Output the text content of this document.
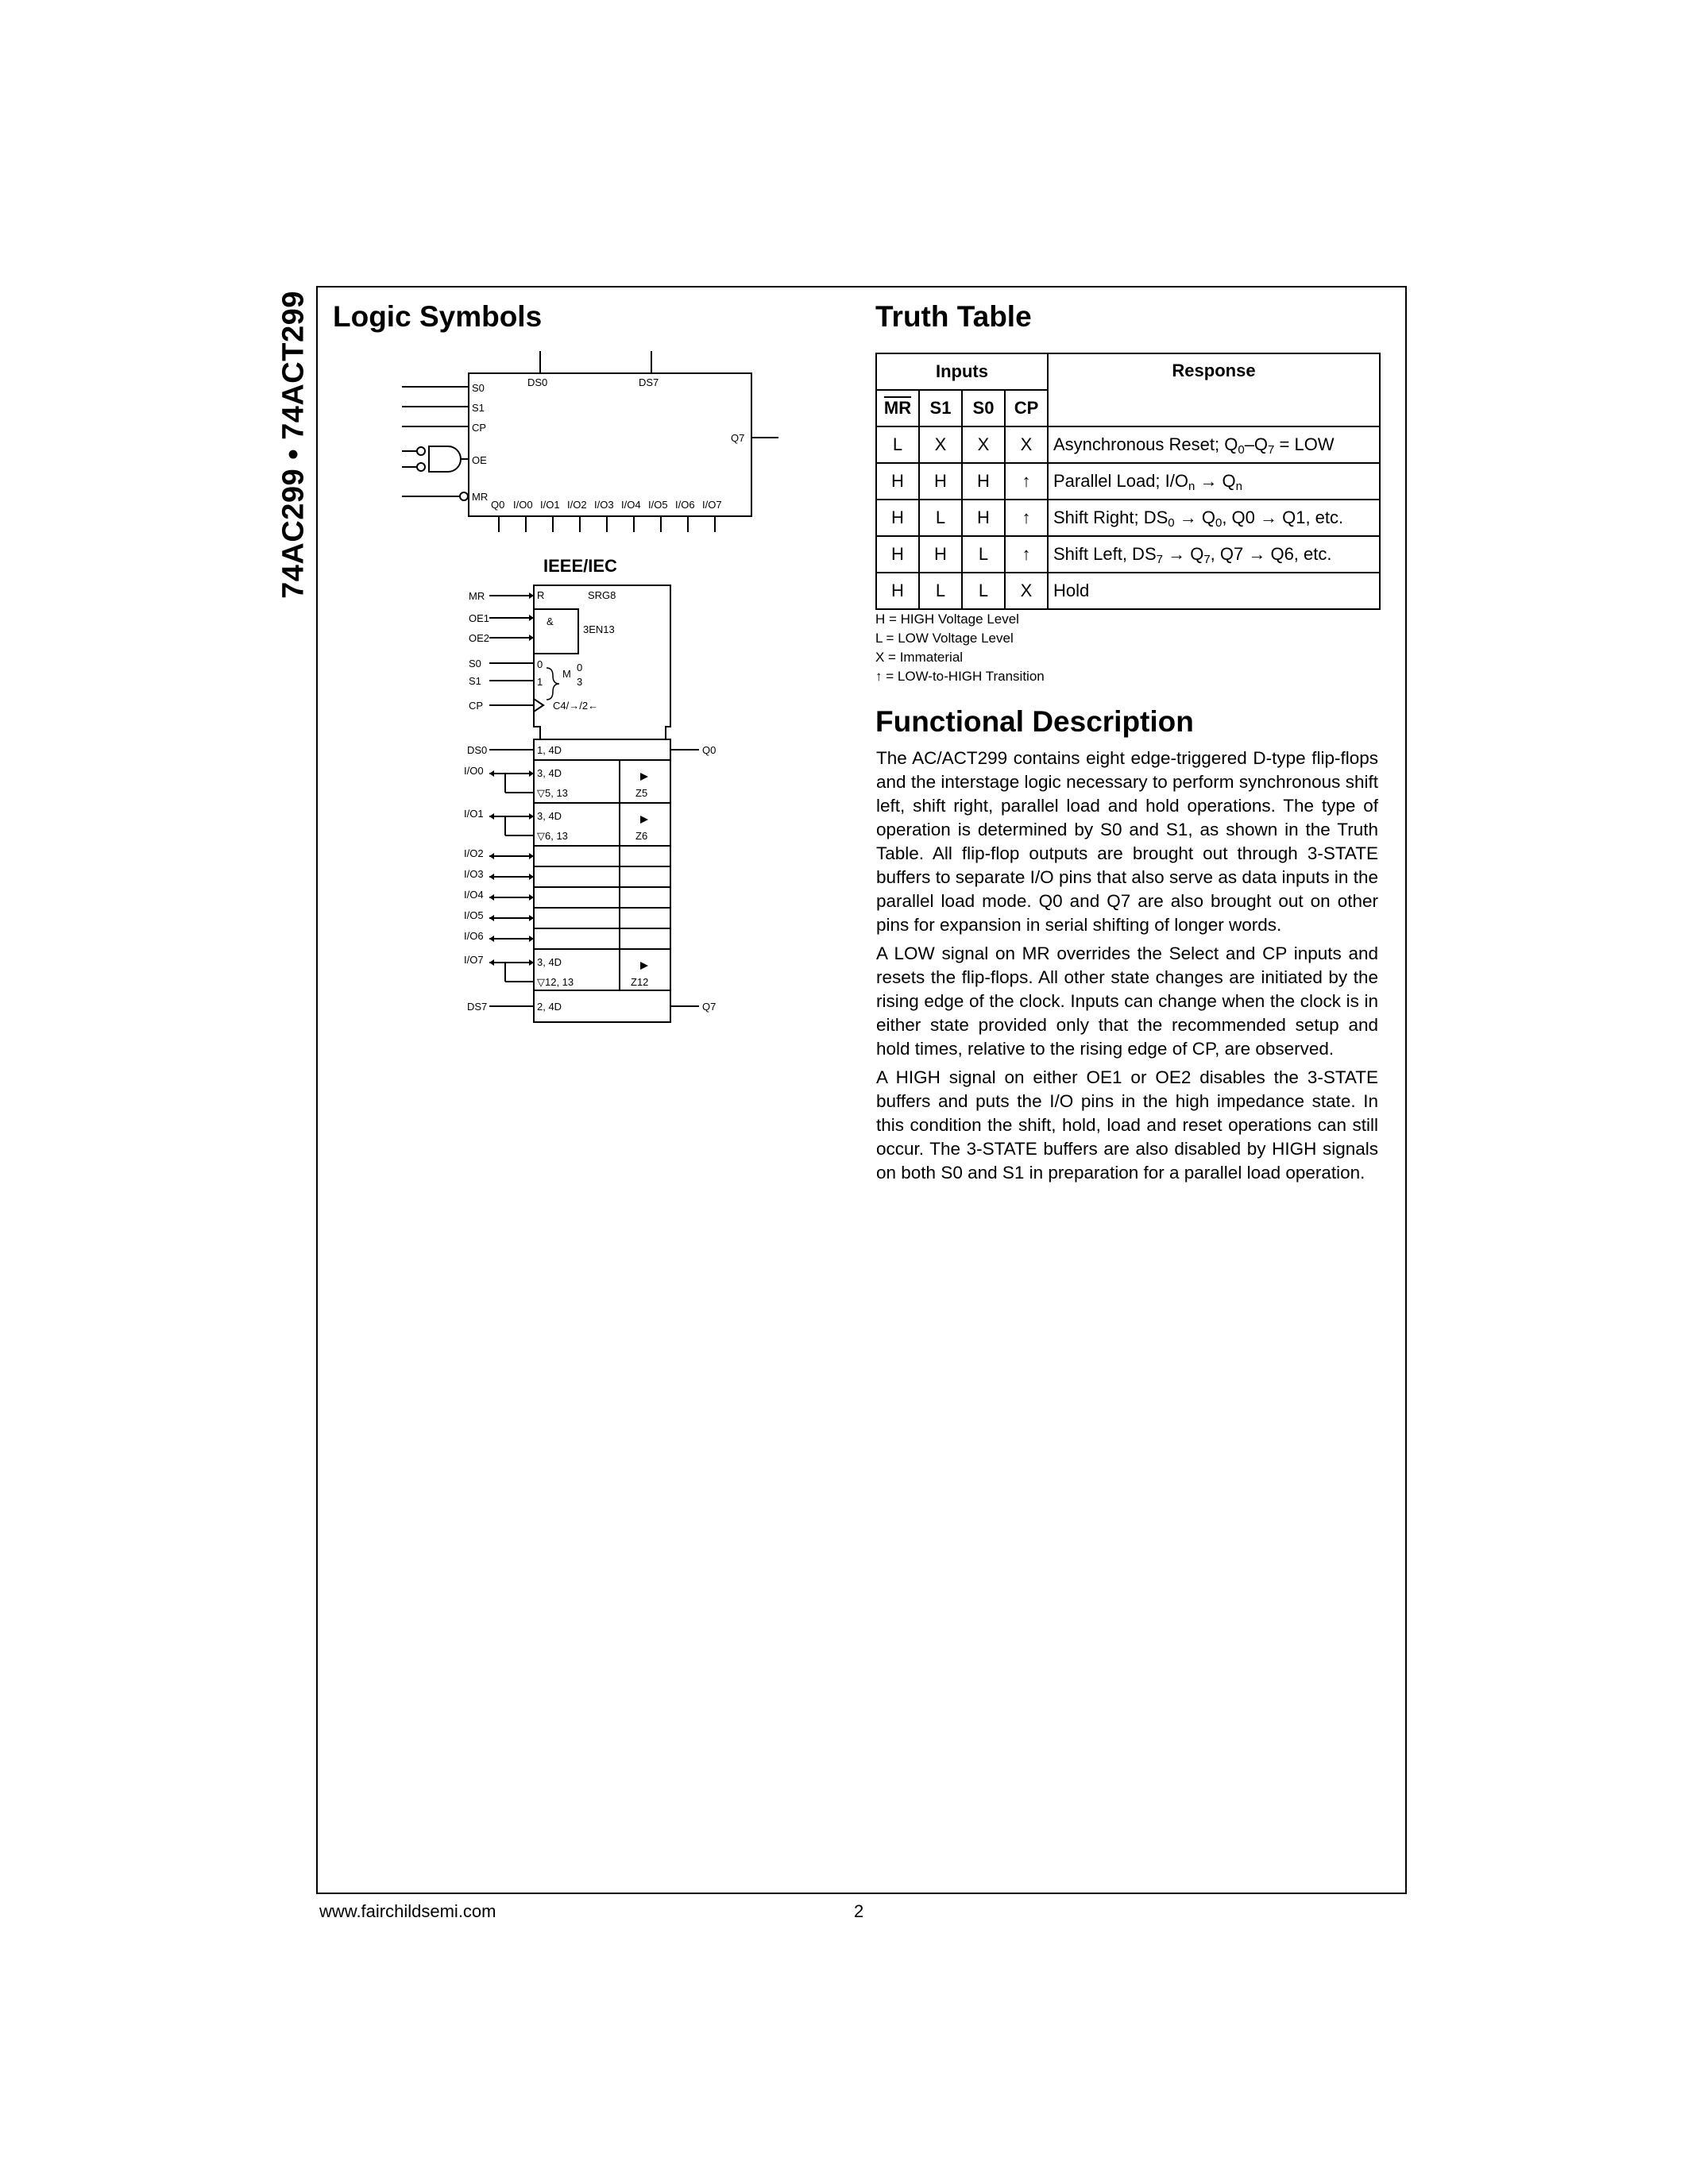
74AC299 • 74ACT299 Logic Symbols
DS0	DS7
S0
S1
CP
OE
MR
Q7
Q0 I/O0 I/O1 I/O2 I/O3 I/O4 I/O5 I/O6 I/O7
IEEE/IEC
MR
OE1
OE2
S0
S1
CP
R	SRG8
&
3EN13
0
1
M
0
3
C4/→/2←
DS0
I/O0
I/O1
I/O2
I/O3
I/O4
I/O5
I/O6
I/O7
DS7
1, 4D
3, 4D
▽5, 13
3, 4D
▽6, 13
3, 4D
▽12, 13
2, 4D
Z5
Z6
Z12
Q0
Q7
Truth Table
Inputs				Response
$\overline{MR}$	S1	S0	CP	
L	X	X	X	Asynchronous Reset; $Q_0-Q_7$ = LOW
H	H	H	↑	Parallel Load; $I/O_n \to Q_n$
H	L	H	↑	Shift Right; $DS_0 \to Q_0$, Q0 → Q1, etc.
H	H	L	↑	Shift Left, $DS_7 \to Q_7$, Q7 → Q6, etc.
H	L	L	X	Hold
H = HIGH Voltage Level
L = LOW Voltage Level
X = Immaterial
↑ = LOW-to-HIGH Transition
Functional Description

The AC/ACT299 contains eight edge-triggered D-type flip-flops and the interstage logic necessary to perform synchronous shift left, shift right, parallel load and hold operations. The type of operation is determined by S0 and S1, as shown in the Truth Table. All flip-flop outputs are brought out through 3-STATE buffers to separate I/O pins that also serve as data inputs in the parallel load mode. Q0 and Q7 are also brought out on other pins for expansion in serial shifting of longer words.

A LOW signal on MR overrides the Select and CP inputs and resets the flip-flops. All other state changes are initiated by the rising edge of the clock. Inputs can change when the clock is in either state provided only that the recommended setup and hold times, relative to the rising edge of CP, are observed.

A HIGH signal on either OE1 or OE2 disables the 3-STATE buffers and puts the I/O pins in the high impedance state. In this condition the shift, hold, load and reset operations can still occur. The 3-STATE buffers are also disabled by HIGH signals on both S0 and S1 in preparation for a parallel load operation.

www.fairchildsemi.com	2
